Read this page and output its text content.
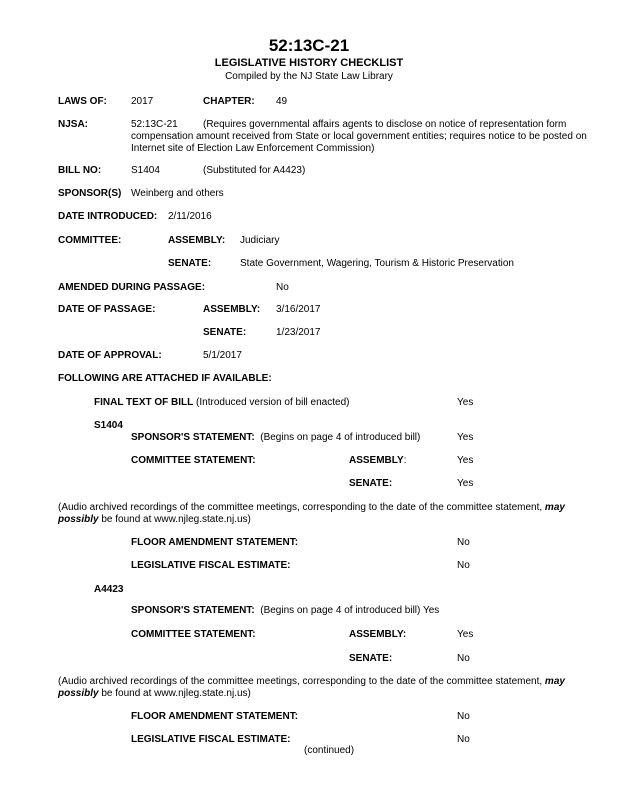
52:13C-21
LEGISLATIVE HISTORY CHECKLIST
Compiled by the NJ State Law Library
LAWS OF: 2017	CHAPTER: 49
NJSA:	52:13C-21	(Requires governmental affairs agents to disclose on notice of representation form compensation amount received from State or local government entities; requires notice to be posted on Internet site of Election Law Enforcement Commission)
BILL NO:	S1404	(Substituted for A4423)
SPONSOR(S) Weinberg and others
DATE INTRODUCED: 2/11/2016
COMMITTEE:	ASSEMBLY: Judiciary
SENATE:	State Government, Wagering, Tourism & Historic Preservation
AMENDED DURING PASSAGE:	No
DATE OF PASSAGE:	ASSEMBLY: 3/16/2017
SENATE:	1/23/2017
DATE OF APPROVAL:	5/1/2017
FOLLOWING ARE ATTACHED IF AVAILABLE:
FINAL TEXT OF BILL (Introduced version of bill enacted)	Yes
S1404
SPONSOR'S STATEMENT: (Begins on page 4 of introduced bill)	Yes
COMMITTEE STATEMENT:	ASSEMBLY:	Yes
SENATE:	Yes
(Audio archived recordings of the committee meetings, corresponding to the date of the committee statement, may possibly be found at www.njleg.state.nj.us)
FLOOR AMENDMENT STATEMENT:	No
LEGISLATIVE FISCAL ESTIMATE:	No
A4423
SPONSOR'S STATEMENT: (Begins on page 4 of introduced bill) Yes
COMMITTEE STATEMENT:	ASSEMBLY:	Yes
SENATE:	No
(Audio archived recordings of the committee meetings, corresponding to the date of the committee statement, may possibly be found at www.njleg.state.nj.us)
FLOOR AMENDMENT STATEMENT:	No
LEGISLATIVE FISCAL ESTIMATE:	No
(continued)
